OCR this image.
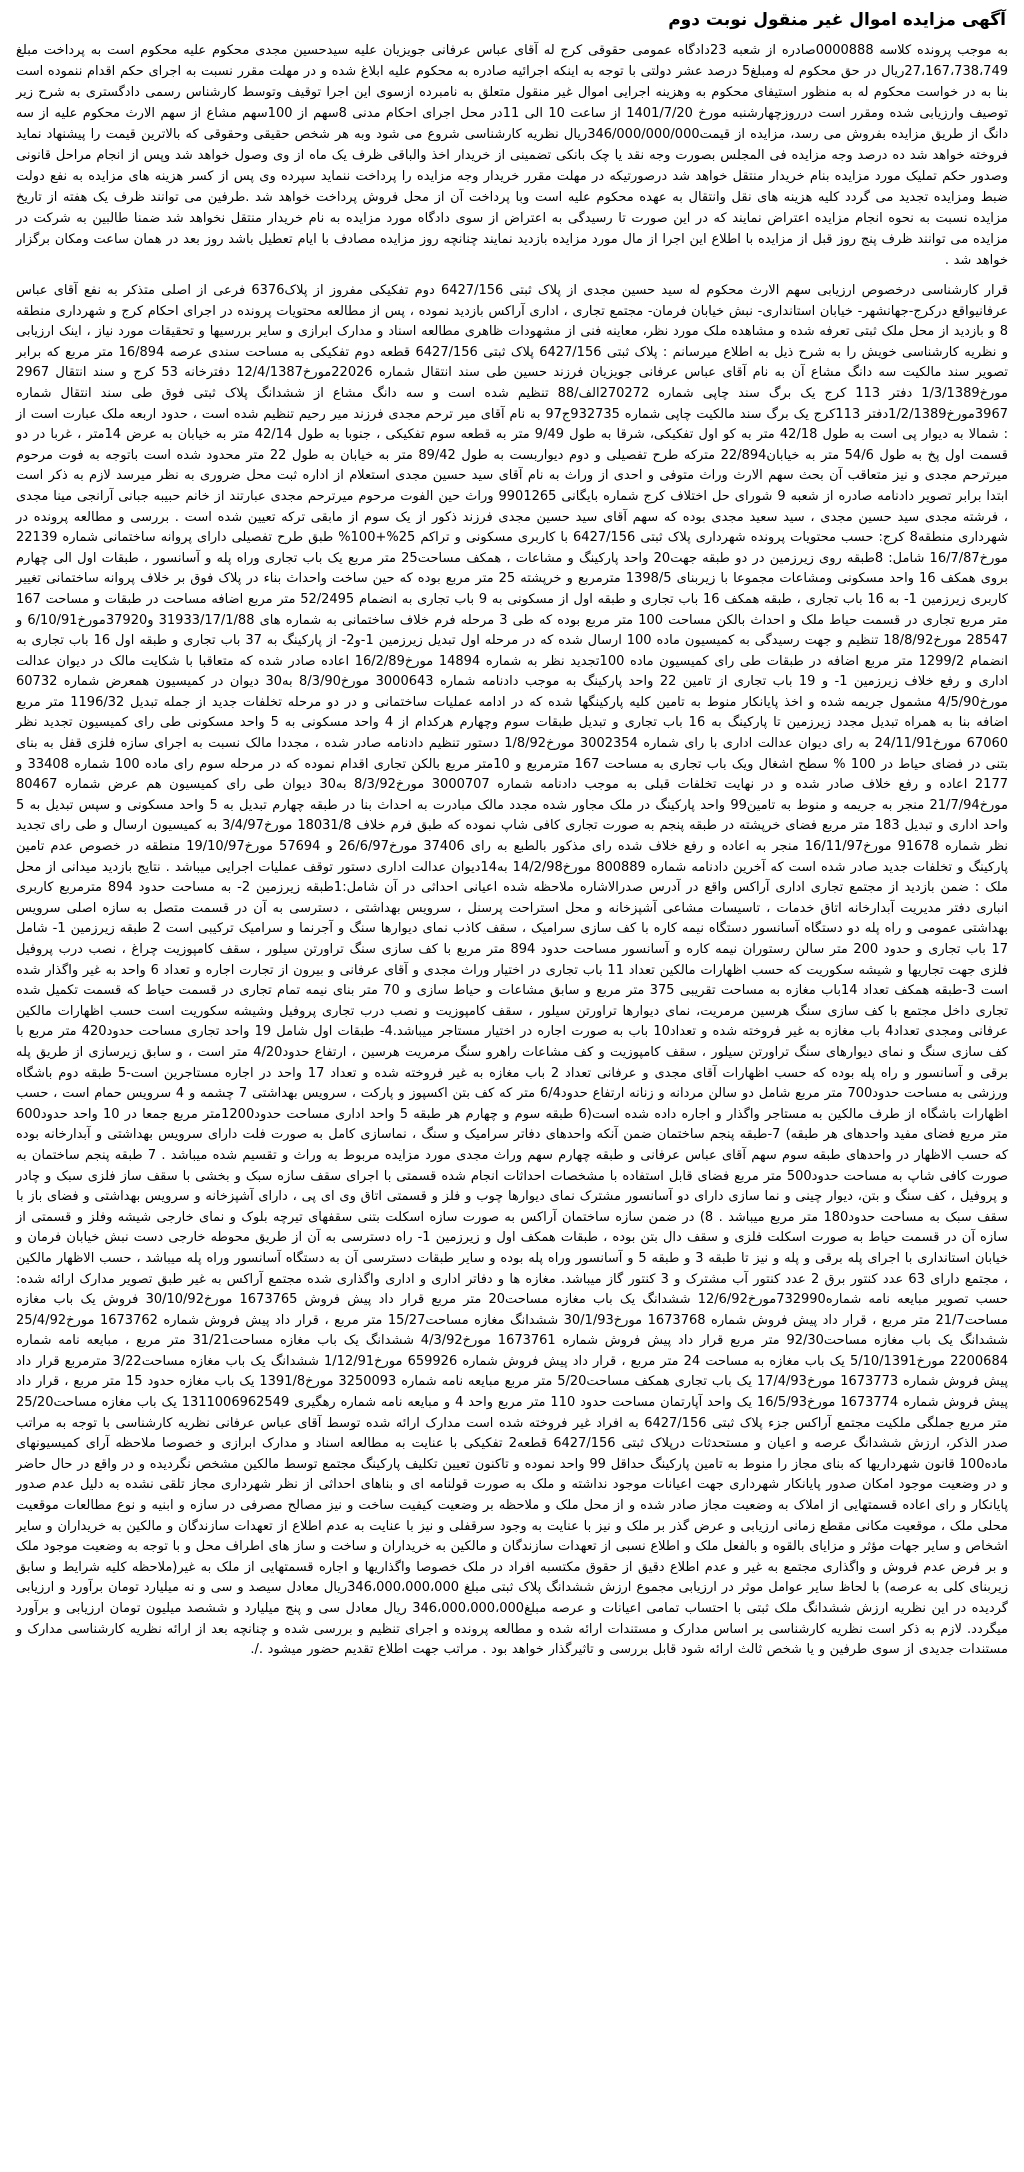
آگهی مزایده اموال غیر منقول نوبت دوم

به موجب پرونده کلاسه 0000888صادره از شعبه 23دادگاه عمومی حقوقی کرج له آقای عباس عرفانی جویزیان علیه سیدحسین مجدی محکوم علیه محکوم است به پرداخت مبلغ 27،167،738،749ریال در حق محکوم له ومبلغ5 درصد عشر دولتی با توجه به اینکه اجرائیه صادره به محکوم علیه ابلاغ شده و در مهلت مقرر نسبت به اجرای حکم اقدام ننموده است بنا به در خواست محکوم له به منظور استیفای محکوم به وهزینه اجرایی اموال غیر منقول متعلق به نامبرده ازسوی این اجرا توقیف وتوسط کارشناس رسمی دادگستری به شرح زیر توصیف وارزیابی شده ومقرر است درروزچهارشنبه مورخ 1401/7/20 از ساعت 10 الی 11در محل اجرای احکام مدنی 8سهم از 100سهم مشاع از سهم الارث محکوم علیه از سه دانگ از طریق مزایده بفروش می رسد، مزایده از قیمت346/000/000/000ریال نظریه کارشناسی شروع می شود وبه هر شخص حقیقی وحقوقی که بالاترین قیمت را پیشنهاد نماید فروخته خواهد شد ده درصد وجه مزایده فی المجلس بصورت وجه نقد یا چک بانکی تضمینی از خریدار اخذ والباقی ظرف یک ماه از وی وصول خواهد شد وپس از انجام مراحل قانونی وصدور حکم تملیک مورد مزایده بنام خریدار منتقل خواهد شد درصورتیکه در مهلت مقرر خریدار وجه مزایده را پرداخت ننماید سپرده وی پس از کسر هزینه های مزایده به نفع دولت ضبط ومزایده تجدید می گردد کلیه هزینه های نقل وانتقال به عهده محکوم علیه است وبا پرداخت آن از محل فروش پرداخت خواهد شد .طرفین می توانند ظرف یک هفته از تاریخ مزایده نسبت به نحوه انجام مزایده اعتراض نمایند که در این صورت تا رسیدگی به اعتراض از سوی دادگاه مورد مزایده به نام خریدار منتقل نخواهد شد ضمنا طالبین به شرکت در مزایده می توانند ظرف پنج روز قبل از مزایده با اطلاع این اجرا از مال مورد مزایده بازدید نمایند چنانچه روز مزایده مصادف با ایام تعطیل باشد روز بعد در همان ساعت ومکان برگزار خواهد شد .

قرار کارشناسی درخصوص ارزیابی سهم الارث محکوم له سید حسین مجدی از پلاک ثبتی 6427/156 دوم تفکیکی مفروز از پلاک6376 فرعی از اصلی متذکر به نفع آقای عباس عرفانیواقع درکرج-جهانشهر- خیابان استانداری- نبش خیابان فرمان- مجتمع تجاری ، اداری آراکس بازدید نموده ، پس از مطالعه محتویات پرونده در اجرای احکام کرج و شهرداری منطقه 8 و بازدید از محل ملک ثبتی تعرفه شده و مشاهده ملک مورد نظر، معاینه فنی از مشهودات ظاهری مطالعه اسناد و مدارک ابرازی و سایر بررسیها و تحقیقات مورد نیاز ، اینک ارزیابی و نظریه کارشناسی خویش را به شرح ذیل به اطلاع میرسانم : پلاک ثبتی 6427/156 پلاک ثبتی 6427/156 قطعه دوم تفکیکی به مساحت سندی عرصه 16/894 متر مربع که برابر تصویر سند مالکیت سه دانگ مشاع آن به نام آقای عباس عرفانی جویزیان فرزند حسین طی سند انتقال شماره 22026مورخ12/4/1387 دفترخانه 53 کرج و سند انتقال 2967 مورخ1/3/1389 دفتر 113 کرج یک برگ سند چاپی شماره 270272الف/88 تنظیم شده است و سه دانگ مشاع از ششدانگ پلاک ثبتی فوق طی سند انتقال شماره 3967مورخ1/2/1389دفتر 113کرج یک برگ سند مالکیت چاپی شماره 932735ج97 به نام آقای میر ترحم مجدی فرزند میر رحیم تنظیم شده است ، حدود اربعه ملک عبارت است از : شمالا به دیوار پی است به طول 42/18 متر به کو اول تفکیکی، شرقا به طول 9/49 متر به قطعه سوم تفکیکی ، جنوبا به طول 42/14 متر به خیابان به عرض 14متر ، غربا در دو قسمت اول پخ به طول 54/6 متر به خیابان22/894 مترکه طرح تفصیلی و دوم دیواربست به طول 89/42 متر به خیابان به طول 22 متر محدود شده است باتوجه به فوت مرحوم میرترحم مجدی و نیز متعاقب آن بحث سهم الارث وراث متوفی و احدی از وراث به نام آقای سید حسین مجدی استعلام از اداره ثبت محل ضروری به نظر میرسد لازم به ذکر است ابتدا برابر تصویر دادنامه صادره از شعبه 9 شورای حل اختلاف کرج شماره بایگانی 9901265 وراث حین الفوت مرحوم میرترحم مجدی عبارتند از خانم حبیبه جبانی آرانجی مینا مجدی ، فرشته مجدی سید حسین مجدی ، سید سعید مجدی بوده که سهم آقای سید حسین مجدی فرزند ذکور از یک سوم از مابقی ترکه تعیین شده است . بررسی و مطالعه پرونده در شهرداری منطقه8 کرج: حسب محتویات پرونده شهرداری پلاک ثبتی 6427/156 با کاربری مسکونی و تراکم 25%+100% طبق طرح تفصیلی دارای پروانه ساختمانی شماره 22139 مورخ16/7/87 شامل: 8طبقه روی زیرزمین در دو طبقه جهت20 واحد پارکینگ و مشاعات ، همکف مساحت25 متر مربع یک باب تجاری وراه پله و آسانسور ، طبقات اول الی چهارم بروی همکف 16 واحد مسکونی ومشاعات مجموعا با زیربنای 1398/5 مترمربع و خرپشته 25 متر مربع بوده که حین ساخت واحداث بناء در پلاک فوق بر خلاف پروانه ساختمانی تغییر کاربری زیرزمین 1- به 16 باب تجاری ، طبقه همکف 16 باب تجاری و طبقه اول از مسکونی به 9 باب تجاری به انضمام 52/2495 متر مربع اضافه مساحت در طبقات و مساحت 167 متر مربع تجاری در قسمت حیاط ملک و احداث بالکن مساحت 100 متر مربع بوده که طی 3 مرحله فرم خلاف ساختمانی به شماره های 31933/17/1/88 و37920مورخ6/10/91 و 28547 مورخ18/8/92 تنظیم و جهت رسیدگی به کمیسیون ماده 100 ارسال شده که در مرحله اول تبدیل زیرزمین 1-و2- از پارکینگ به 37 باب تجاری و طبقه اول 16 باب تجاری به انضمام 1299/2 متر مربع اضافه در طبقات طی رای کمیسیون ماده 100تجدید نظر به شماره 14894 مورخ16/2/89 اعاده صادر شده که متعاقبا با شکایت مالک در دیوان عدالت اداری و رفع خلاف زیرزمین 1- و 19 باب تجاری از تامین 22 واحد پارکینگ به موجب دادنامه شماره 3000643 مورخ8/3/90 به30 دیوان در کمیسیون همعرض شماره 60732 مورخ4/5/90 مشمول جریمه شده و اخذ پایانکار منوط به تامین کلیه پارکینگها شده که در ادامه عملیات ساختمانی و در دو مرحله تخلفات جدید از جمله تبدیل 1196/32 متر مربع اضافه بنا به همراه تبدیل مجدد زیرزمین تا پارکینگ به 16 باب تجاری و تبدیل طبقات سوم وچهارم هرکدام از 4 واحد مسکونی به 5 واحد مسکونی طی رای کمیسیون تجدید نظر 67060 مورخ24/11/91 به رای دیوان عدالت اداری با رای شماره 3002354 مورخ1/8/92 دستور تنظیم دادنامه صادر شده ، مجددا مالک نسبت به اجرای سازه فلزی قفل به بنای بتنی در فضای حیاط در 100 % سطح اشغال ویک باب تجاری به مساحت 167 مترمربع و 10متر مربع بالکن تجاری اقدام نموده که در مرحله سوم رای ماده 100 شماره 33408 و 2177 اعاده و رفع خلاف صادر شده و در نهایت تخلفات قبلی به موجب دادنامه شماره 3000707 مورخ8/3/92 به30 دیوان طی رای کمیسیون هم عرض شماره 80467 مورخ21/7/94 منجر به جریمه و منوط به تامین99 واحد پارکینگ در ملک مجاور شده مجدد مالک مبادرت به احداث بنا در طبقه چهارم تبدیل به 5 واحد مسکونی و سپس تبدیل به 5 واحد اداری و تبدیل 183 متر مربع فضای خرپشته در طبقه پنجم به صورت تجاری کافی شاپ نموده که طبق فرم خلاف 18031/8 مورخ3/4/97 به کمیسیون ارسال و طی رای تجدید نظر شماره 91678 مورخ16/11/97 منجر به اعاده و رفع خلاف شده رای مذکور بالطبع به رای 37406 مورخ26/6/97 و 57694 مورخ19/10/97 منطقه در خصوص عدم تامین پارکینگ و تخلفات جدید صادر شده است که آخرین دادنامه شماره 800889 مورخ14/2/98 به14دیوان عدالت اداری دستور توقف عملیات اجرایی میباشد . نتایج بازدید میدانی از محل ملک : ضمن بازدید از مجتمع تجاری اداری آراکس واقع در آدرس صدرالاشاره ملاحظه شده اعیانی احداثی در آن شامل:1طبقه زیرزمین 2- به مساحت حدود 894 مترمربع کاربری انباری دفتر مدیریت آبدارخانه اتاق خدمات ، تاسیسات مشاعی آشپزخانه و محل استراحت پرسنل ، سرویس بهداشتی ، دسترسی به آن در قسمت متصل به سازه اصلی سرویس بهداشتی عمومی و راه پله دو دستگاه آسانسور دستگاه نیمه کاره با کف سازی سرامیک ، سقف کاذب نمای دیوارها سنگ و آجرنما و سرامیک ترکیبی است 2 طبقه زیرزمین 1- شامل 17 باب تجاری و حدود 200 متر سالن رستوران نیمه کاره و آسانسور مساحت حدود 894 متر مربع با کف سازی سنگ تراورتن سیلور ، سقف کامپوزیت چراغ ، نصب درب پروفیل فلزی جهت تجاریها و شیشه سکوریت که حسب اظهارات مالکین تعداد 11 باب تجاری در اختیار وراث مجدی و آقای عرفانی و بیرون از تجارت اجاره و تعداد 6 واحد به غیر واگذار شده است 3-طبقه همکف تعداد 14باب مغازه به مساحت تقریبی 375 متر مربع و سابق مشاعات و حیاط سازی و 70 متر بنای نیمه تمام تجاری در قسمت حیاط که قسمت تکمیل شده تجاری داخل مجتمع با کف سازی سنگ هرسین مرمریت، نمای دیوارها تراورتن سیلور ، سقف کامپوزیت و نصب درب تجاری پروفیل وشیشه سکوریت است حسب اظهارات مالکین عرفانی ومجدی تعداد4 باب مغازه به غیر فروخته شده و تعداد10 باب به صورت اجاره در اختیار مستاجر میباشد.4- طبقات اول شامل 19 واحد تجاری مساحت حدود420 متر مربع با کف سازی سنگ و نمای دیوارهای سنگ تراورتن سیلور ، سقف کامپوزیت و کف مشاعات راهرو سنگ مرمریت هرسین ، ارتفاع حدود4/20 متر است ، و سابق زیرسازی از طریق پله برقی و آسانسور و راه پله بوده که حسب اظهارات آقای مجدی و عرفانی تعداد 2 باب مغازه به غیر فروخته شده و تعداد 17 واحد در اجاره مستاجرین است-5 طبقه دوم باشگاه ورزشی به مساحت حدود700 متر مربع شامل دو سالن مردانه و زنانه ارتفاع حدود6/4 متر که کف بتن اکسپوز و پارکت ، سرویس بهداشتی 7 چشمه و 4 سرویس حمام است ، حسب اظهارات باشگاه از طرف مالکین به مستاجر واگذار و اجاره داده شده است(6 طبقه سوم و چهارم هر طبقه 5 واحد اداری مساحت حدود1200متر مربع جمعا در 10 واحد حدود600 متر مربع فضای مفید واحدهای هر طبقه) 7-طبقه پنجم ساختمان ضمن آنکه واحدهای دفاتر سرامیک و سنگ ، نماسازی کامل به صورت فلت دارای سرویس بهداشتی و آبدارخانه بوده که حسب الاظهار در واحدهای طبقه سوم سهم آقای عباس عرفانی و طبقه چهارم سهم وراث مجدی مورد مزایده مربوط به وراث و تقسیم شده میباشد . 7 طبقه پنجم ساختمان به صورت کافی شاپ به مساحت حدود500 متر مربع فضای قابل استفاده با مشخصات احداثات انجام شده قسمتی با اجرای سقف سازه سبک و بخشی با سقف ساز فلزی سبک و چادر و پروفیل ، کف سنگ و بتن، دیوار چینی و نما سازی دارای دو آسانسور مشترک نمای دیوارها چوب و فلز و قسمتی اتاق وی ای پی ، دارای آشپزخانه و سرویس بهداشتی و فضای باز با سقف سبک به مساحت حدود180 متر مربع میباشد . 8) در ضمن سازه ساختمان آراکس به صورت سازه اسکلت بتنی سقفهای تیرچه بلوک و نمای خارجی شیشه وفلز و قسمتی از سازه آن در قسمت حیاط به صورت اسکلت فلزی و سقف دال بتن بوده ، طبقات همکف اول و زیرزمین 1- راه دسترسی به آن از طریق محوطه خارجی دست نبش خیابان فرمان و خیابان استانداری با اجرای پله برقی و پله و نیز تا طبقه 3 و طبقه 5 و آسانسور وراه پله بوده و سایر طبقات دسترسی آن به دستگاه آسانسور وراه پله میباشد ، حسب الاظهار مالکین ، مجتمع دارای 63 عدد کنتور برق 2 عدد کنتور آب مشترک و 3 کنتور گاز میباشد. مغازه ها و دفاتر اداری و اداری واگذاری شده مجتمع آراکس به غیر طبق تصویر مدارک ارائه شده: حسب تصویر مبایعه نامه شماره732990مورخ12/6/92 ششدانگ یک باب مغازه مساحت20 متر مربع قرار داد پیش فروش 1673765 مورخ30/10/92 فروش یک باب مغازه مساحت21/7 متر مربع ، قرار داد پیش فروش شماره 1673768 مورخ30/1/93 ششدانگ مغازه مساحت15/27 متر مربع ، قرار داد پیش فروش شماره 1673762 مورخ25/4/92 ششدانگ یک باب مغازه مساحت92/30 متر مربع قرار داد پیش فروش شماره 1673761 مورخ4/3/92 ششدانگ یک باب مغازه مساحت31/21 متر مربع ، مبایعه نامه شماره 2200684 مورخ5/10/1391 یک باب مغازه به مساحت 24 متر مربع ، قرار داد پیش فروش شماره 659926 مورخ1/12/91 ششدانگ یک باب مغازه مساحت3/22 مترمربع قرار داد پیش فروش شماره 1673773 مورخ17/4/93 یک باب تجاری همکف مساحت5/20 متر مربع مبایعه نامه شماره 3250093 مورخ1391/8 یک باب مغازه حدود 15 متر مربع ، قرار داد پیش فروش شماره 1673774 مورخ16/5/93 یک واحد آپارتمان مساحت حدود 110 متر مربع واحد 4 و مبایعه نامه شماره رهگیری 1311006962549 یک باب مغازه مساحت25/20 متر مربع جملگی ملکیت مجتمع آراکس جزء پلاک ثبتی 6427/156 به افراد غیر فروخته شده است مدارک ارائه شده توسط آقای عباس عرفانی نظریه کارشناسی با توجه به مراتب صدر الذکر، ارزش ششدانگ عرصه و اعیان و مستحدثات درپلاک ثبتی 6427/156 قطعه2 تفکیکی با عنایت به مطالعه اسناد و مدارک ابرازی و خصوصا ملاحظه آرای کمیسیونهای ماده100 قانون شهرداریها که بنای مجاز را منوط به تامین پارکینگ حداقل 99 واحد نموده و تاکنون تعیین تکلیف پارکینگ مجتمع توسط مالکین مشخص نگردیده و در واقع در حال حاضر و در وضعیت موجود امکان صدور پایانکار شهرداری جهت اعیانات موجود نداشته و ملک به صورت قولنامه ای و بناهای احداثی از نظر شهرداری مجاز تلقی نشده به دلیل عدم صدور پایانکار و رای اعاده قسمتهایی از املاک به وضعیت مجاز صادر شده و از محل ملک و ملاحظه بر وضعیت کیفیت ساخت و نیز مصالح مصرفی در سازه و ابنیه و نوع مطالعات موقعیت محلی ملک ، موقعیت مکانی مقطع زمانی ارزیابی و عرض گذر بر ملک و نیز با عنایت به وجود سرقفلی و نیز با عنایت به عدم اطلاع از تعهدات سازندگان و مالکین به خریداران و سایر اشخاص و سایر جهات مؤثر و مزایای بالقوه و بالفعل ملک و اطلاع نسبی از تعهدات سازندگان و مالکین به خریداران و ساخت و ساز های اطراف محل و با توجه به وضعیت موجود ملک و بر فرض عدم فروش و واگذاری مجتمع به غیر و عدم اطلاع دقیق از حقوق مکتسبه افراد در ملک خصوصا واگذاریها و اجاره قسمتهایی از ملک به غیر(ملاحظه کلیه شرایط و سابق زیربنای کلی به عرصه) با لحاظ سایر عوامل موثر در ارزیابی مجموع ارزش ششدانگ پلاک ثبتی مبلغ 346،000،000،000ریال معادل سیصد و سی و نه میلیارد تومان برآورد و ارزیابی گردیده در این نظریه ارزش ششدانگ ملک ثبتی با احتساب تمامی اعیانات و عرصه مبلغ346،000،000،000 ریال معادل سی و پنج میلیارد و ششصد میلیون تومان ارزیابی و برآورد میگردد. لازم به ذکر است نظریه کارشناسی بر اساس مدارک و مستندات ارائه شده و مطالعه پرونده و اجرای تنظیم و بررسی شده و چنانچه بعد از ارائه نظریه کارشناسی مدارک و مستندات جدیدی از سوی طرفین و یا شخص ثالث ارائه شود قابل بررسی و تاثیرگذار خواهد بود . مراتب جهت اطلاع تقدیم حضور میشود ./.
